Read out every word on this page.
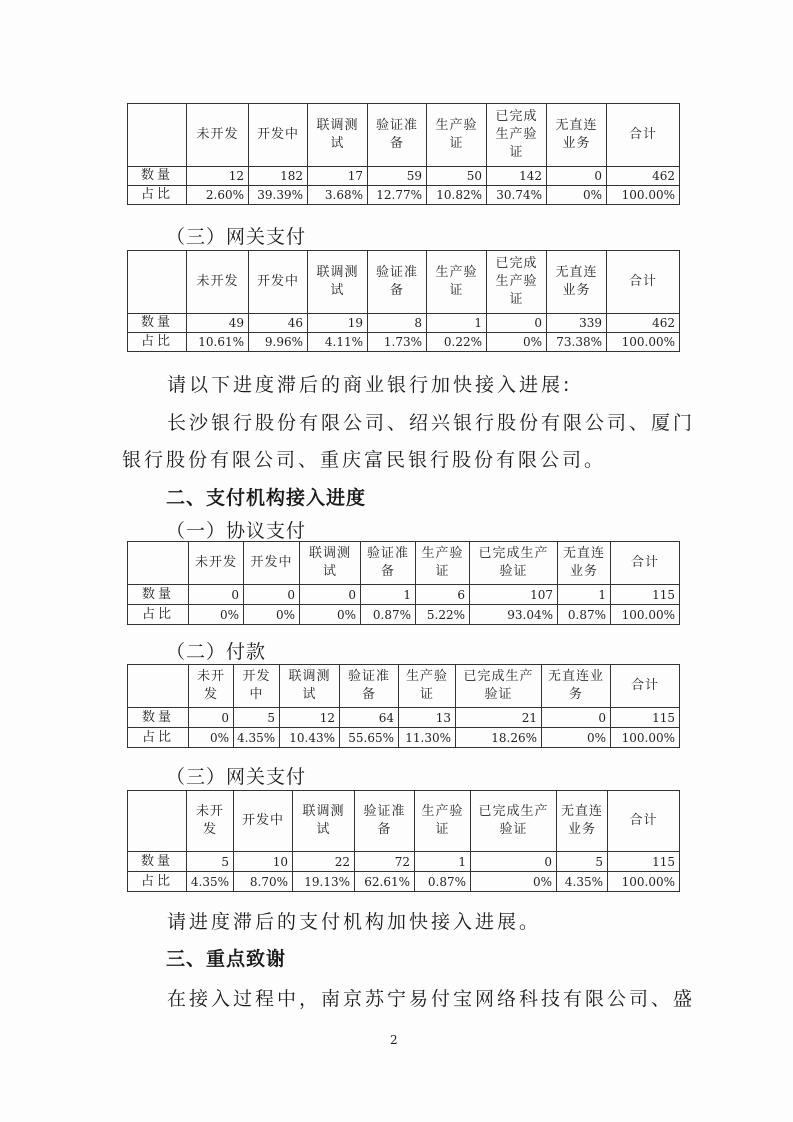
	未开发	开发中	联调测试	验证准备	生产验证	已完成生产验证	无直连业务	合计
数量	12	182	17	59	50	142	0	462
占比	2.60%	39.39%	3.68%	12.77%	10.82%	30.74%	0%	100.00%
（三）网关支付
	未开发	开发中	联调测试	验证准备	生产验证	已完成生产验证	无直连业务	合计
数量	49	46	19	8	1	0	339	462
占比	10.61%	9.96%	4.11%	1.73%	0.22%	0%	73.38%	100.00%
请以下进度滞后的商业银行加快接入进展:
长沙银行股份有限公司、绍兴银行股份有限公司、厦门
银行股份有限公司、重庆富民银行股份有限公司。
二、支付机构接入进度
（一）协议支付
	未开发	开发中	联调测试	验证准备	生产验证	已完成生产验证	无直连业务	合计
数量	0	0	0	1	6	107	1	115
占比	0%	0%	0%	0.87%	5.22%	93.04%	0.87%	100.00%
（二）付款
	未开发	开发中	联调测试	验证准备	生产验证	已完成生产验证	无直连业务	合计
数量	0	5	12	64	13	21	0	115
占比	0%	4.35%	10.43%	55.65%	11.30%	18.26%	0%	100.00%
（三）网关支付
	未开发	开发中	联调测试	验证准备	生产验证	已完成生产验证	无直连业务	合计
数量	5	10	22	72	1	0	5	115
占比	4.35%	8.70%	19.13%	62.61%	0.87%	0%	4.35%	100.00%
请进度滞后的支付机构加快接入进展。
三、重点致谢
在接入过程中，南京苏宁易付宝网络科技有限公司、盛
2
